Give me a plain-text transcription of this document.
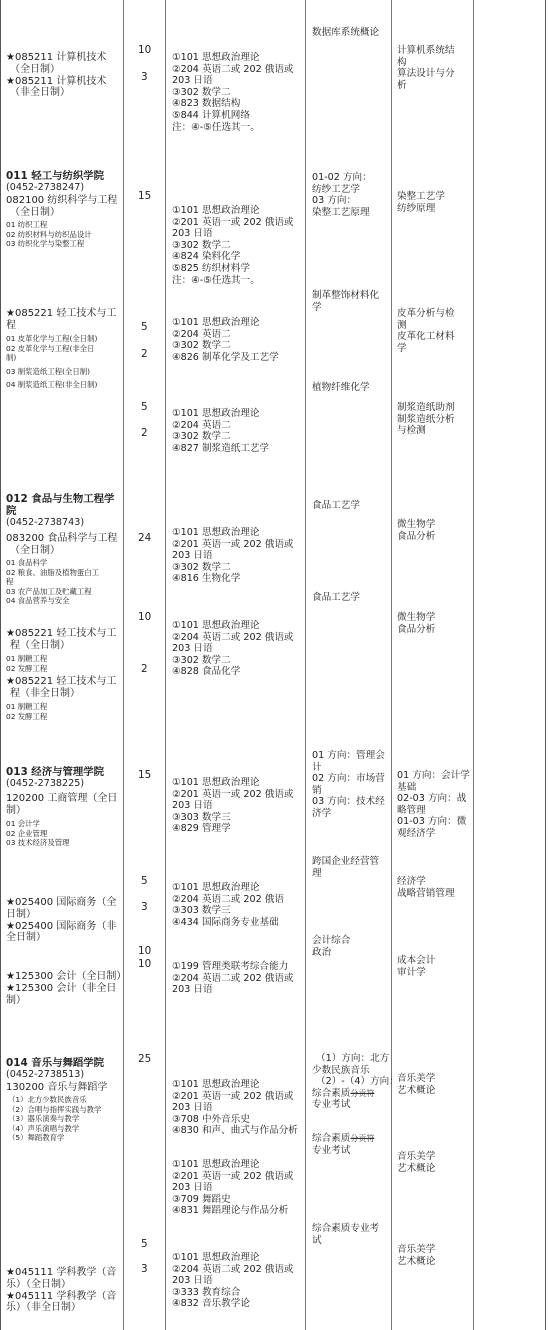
★085211 计算机技术
（全日制）
★085211 计算机技术
（非全日制）
10
3
①101 思想政治理论
②204 英语二或 202 俄语或
203 日语
③302 数学二
④823 数据结构
⑤844 计算机网络
注：④-⑤任选其一。
数据库系统概论
计算机系统结
构
算法设计与分
析
011 轻工与纺织学院
(0452-2738247)
082100 纺织科学与工程
（全日制）
01 纺织工程
02 纺织材料与纺织品设计
03 纺织化学与染整工程
★085221 轻工技术与工
程
01 皮革化学与工程(全日制)
02 皮革化学与工程(非全日
制)
03 制浆造纸工程(全日制)
04 制浆造纸工程(非全日制)
15
5
2
5
2
①101 思想政治理论
②201 英语一或 202 俄语或
203 日语
③302 数学二
④824 染料化学
⑤825 纺织材料学
注：④-⑤任选其一。
①101 思想政治理论
②204 英语二
③302 数学二
④826 制革化学及工艺学
①101 思想政治理论
②204 英语二
③302 数学二
④827 制浆造纸工艺学
01-02 方向：
纺纱工艺学
03 方向：
染整工艺原理
制革整饰材料化
学
植物纤维化学
染整工艺学
纺纱原理
皮革分析与检
测
皮革化工材料
学
制浆造纸助剂
制浆造纸分析
与检测
012 食品与生物工程学
院
(0452-2738743)
083200 食品科学与工程
（全日制）
01 食品科学
02 粮食、油脂及植物蛋白工
程
03 农产品加工及贮藏工程
04 食品营养与安全
★085221 轻工技术与工
程（全日制）
01 制糖工程
02 发酵工程
★085221 轻工技术与工
程（非全日制）
01 制糖工程
02 发酵工程
24
10
2
①101 思想政治理论
②201 英语一或 202 俄语或
203 日语
③302 数学二
④816 生物化学
①101 思想政治理论
②204 英语二或 202 俄语或
203 日语
③302 数学二
④828 食品化学
食品工艺学
食品工艺学
微生物学
食品分析
微生物学
食品分析
013 经济与管理学院
(0452-2738225)
120200 工商管理（全日
制）
01 会计学
02 企业管理
03 技术经济及管理
★025400 国际商务（全
日制）
★025400 国际商务（非
全日制）
★125300 会计（全日制）
★125300 会计（非全日
制）
15
5
3
10
10
①101 思想政治理论
②201 英语一或 202 俄语或
203 日语
③303 数学三
④829 管理学
①101 思想政治理论
②204 英语二或 202 俄语
③303 数学三
④434 国际商务专业基础
①199 管理类联考综合能力
②204 英语二或 202 俄语或
203 日语
01 方向：管理会
计
02 方向：市场营
销
03 方向：技术经
济学
跨国企业经营管
理
会计综合
政治
01 方向：会计学
基础
02-03 方向：战
略管理
01-03 方向：微
观经济学
经济学
战略营销管理
成本会计
审计学
014 音乐与舞蹈学院
(0452-2738513)
130200 音乐与舞蹈学
（1）北方少数民族音乐
（2）合唱与指挥实践与教学
（3）器乐演奏与教学
（4）声乐演唱与教学
（5）舞蹈教育学
★045111 学科教学（音
乐）（全日制）
★045111 学科教学（音
乐）（非全日制）
25
5
3
①101 思想政治理论
②201 英语一或 202 俄语或
203 日语
③708 中外音乐史
④830 和声、曲式与作品分析
①101 思想政治理论
②201 英语一或 202 俄语或
203 日语
③709 舞蹈史
④831 舞蹈理论与作品分析
①101 思想政治理论
②204 英语二或 202 俄语或
203 日语
③333 教育综合
④832 音乐教学论
（1）方向：北方
少数民族音乐
（2）-（4）方向：
综合素质分贡符
专业考试
综合素质分贡符
专业考试
综合素质专业考
试
音乐美学
艺术概论
音乐美学
艺术概论
音乐美学
艺术概论
